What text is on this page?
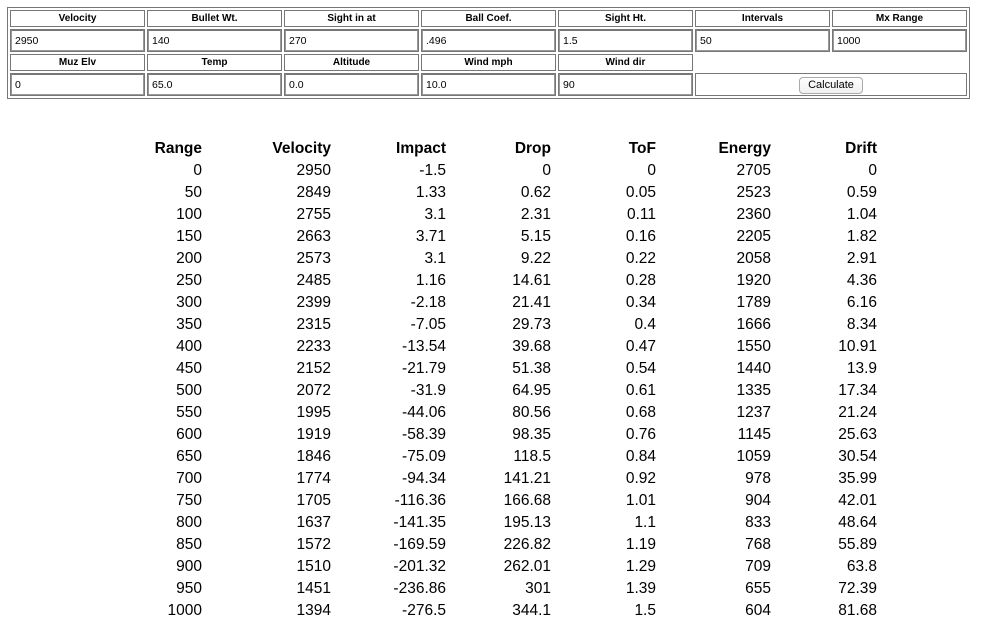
Velocity	Bullet Wt.	Sight in at	Ball Coef.	Sight Ht.	Intervals	Mx Range
2950	140	270	.496	1.5	50	1000
Muz Elv	Temp	Altitude	Wind mph	Wind dir		
0	65.0	0.0	10.0	90	Calculate	
Range	Velocity	Impact	Drop	ToF	Energy	Drift
0	2950	-1.5	0	0	2705	0
50	2849	1.33	0.62	0.05	2523	0.59
100	2755	3.1	2.31	0.11	2360	1.04
150	2663	3.71	5.15	0.16	2205	1.82
200	2573	3.1	9.22	0.22	2058	2.91
250	2485	1.16	14.61	0.28	1920	4.36
300	2399	-2.18	21.41	0.34	1789	6.16
350	2315	-7.05	29.73	0.4	1666	8.34
400	2233	-13.54	39.68	0.47	1550	10.91
450	2152	-21.79	51.38	0.54	1440	13.9
500	2072	-31.9	64.95	0.61	1335	17.34
550	1995	-44.06	80.56	0.68	1237	21.24
600	1919	-58.39	98.35	0.76	1145	25.63
650	1846	-75.09	118.5	0.84	1059	30.54
700	1774	-94.34	141.21	0.92	978	35.99
750	1705	-116.36	166.68	1.01	904	42.01
800	1637	-141.35	195.13	1.1	833	48.64
850	1572	-169.59	226.82	1.19	768	55.89
900	1510	-201.32	262.01	1.29	709	63.8
950	1451	-236.86	301	1.39	655	72.39
1000	1394	-276.5	344.1	1.5	604	81.68
